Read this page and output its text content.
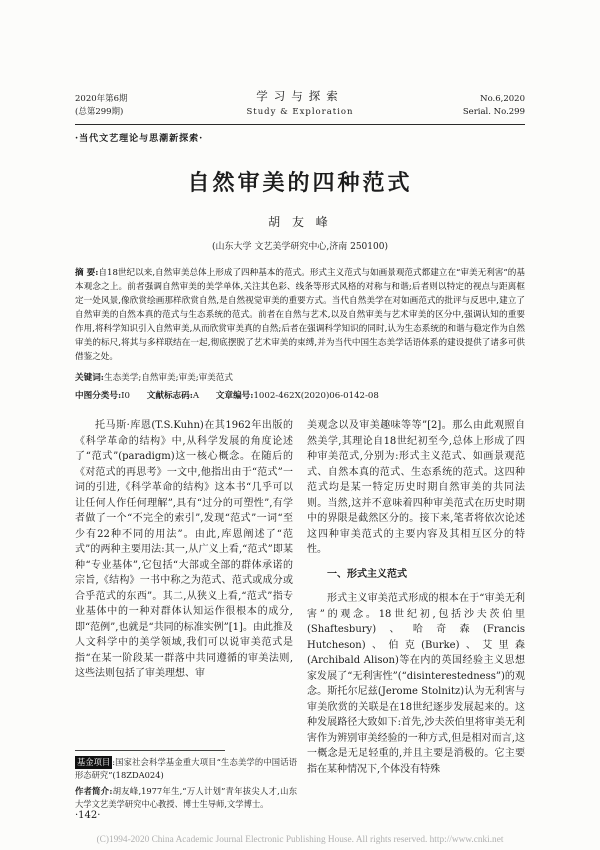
2020年第6期
(总第299期)
学习与探索
Study & Exploration
No.6,2020
Serial. No.299
·当代文艺理论与思潮新探索·
自然审美的四种范式
胡 友 峰
(山东大学 文艺美学研究中心,济南 250100)

摘 要:自18世纪以来,自然审美总体上形成了四种基本的范式。形式主义范式与如画景观范式都建立在“审美无利害”的基本观念之上。前者强调自然审美的美学单体,关注其色彩、线条等形式风格的对称与和谐;后者则以特定的视点与距离框定一处风景,像欣赏绘画那样欣赏自然,是自然视觉审美的重要方式。当代自然美学在对如画范式的批评与反思中,建立了自然审美的自然本真的范式与生态系统的范式。前者在自然与艺术,以及自然审美与艺术审美的区分中,强调认知的重要作用,将科学知识引入自然审美,从而欣赏审美真的自然;后者在强调科学知识的同时,认为生态系统的和谐与稳定作为自然审美的标尺,将其与多样联结在一起,彻底摆脱了艺术审美的束缚,并为当代中国生态美学话语体系的建设提供了诸多可供借鉴之处。

关键词:生态美学;自然审美;审美;审美范式

中图分类号:I0 文献标志码:A 文章编号:1002-462X(2020)06-0142-08

托马斯·库恩(T.S.Kuhn)在其1962年出版的《科学革命的结构》中,从科学发展的角度论述了“范式”(paradigm)这一核心概念。在随后的《对范式的再思考》一文中,他指出由于“范式”一词的引进,《科学革命的结构》这本书“几乎可以让任何人作任何理解”,具有“过分的可塑性”,有学者做了一个“不完全的索引”,发现“范式”一词“至少有22种不同的用法”。由此,库恩阐述了“范式”的两种主要用法:其一,从广义上看,“范式”即某种“专业基体”,它包括“大部或全部的群体承诺的宗旨,《结构》一书中称之为范式、范式或成分或合乎范式的东西”。其二,从狭义上看,“范式”指专业基体中的一种对群体认知运作很根本的成分,即“范例”,也就是“共同的标准实例”[1]。由此推及人文科学中的美学领域,我们可以说审美范式是指“在某一阶段某一群落中共同遵循的审美法则,这些法则包括了审美理想、审

美观念以及审美趣味等等”[2]。那么由此观照自然美学,其理论自18世纪初至今,总体上形成了四种审美范式,分别为:形式主义范式、如画景观范式、自然本真的范式、生态系统的范式。这四种范式均是某一特定历史时期自然审美的共同法则。当然,这并不意味着四种审美范式在历史时期中的界限是截然区分的。接下来,笔者将依次论述这四种审美范式的主要内容及其相互区分的特性。

一、形式主义范式

形式主义审美范式形成的根本在于“审美无利害”的观念。18世纪初,包括沙夫茨伯里(Shaftesbury)、哈奇森(Francis Hutcheson)、伯克(Burke)、艾里森(Archibald Alison)等在内的英国经验主义思想家发展了“无利害性”(“disinterestedness”)的观念。斯托尔尼兹(Jerome Stolnitz)认为无利害与审美欣赏的关联是在18世纪逐步发展起来的。这种发展路径大致如下:首先,沙夫茨伯里将审美无利害作为辨别审美经验的一种方式,但是相对而言,这一概念是无足轻重的,并且主要是消极的。它主要指在某种情况下,个体没有特殊

基金项目 :国家社会科学基金重大项目“生态美学的中国话语形态研究”(18ZDA024)
作者简介:胡友峰,1977年生,“万人计划”青年拔尖人才,山东大学文艺美学研究中心教授、博士生导师,文学博士。
·142·
(C)1994-2020 China Academic Journal Electronic Publishing House. All rights reserved. http://www.cnki.net
